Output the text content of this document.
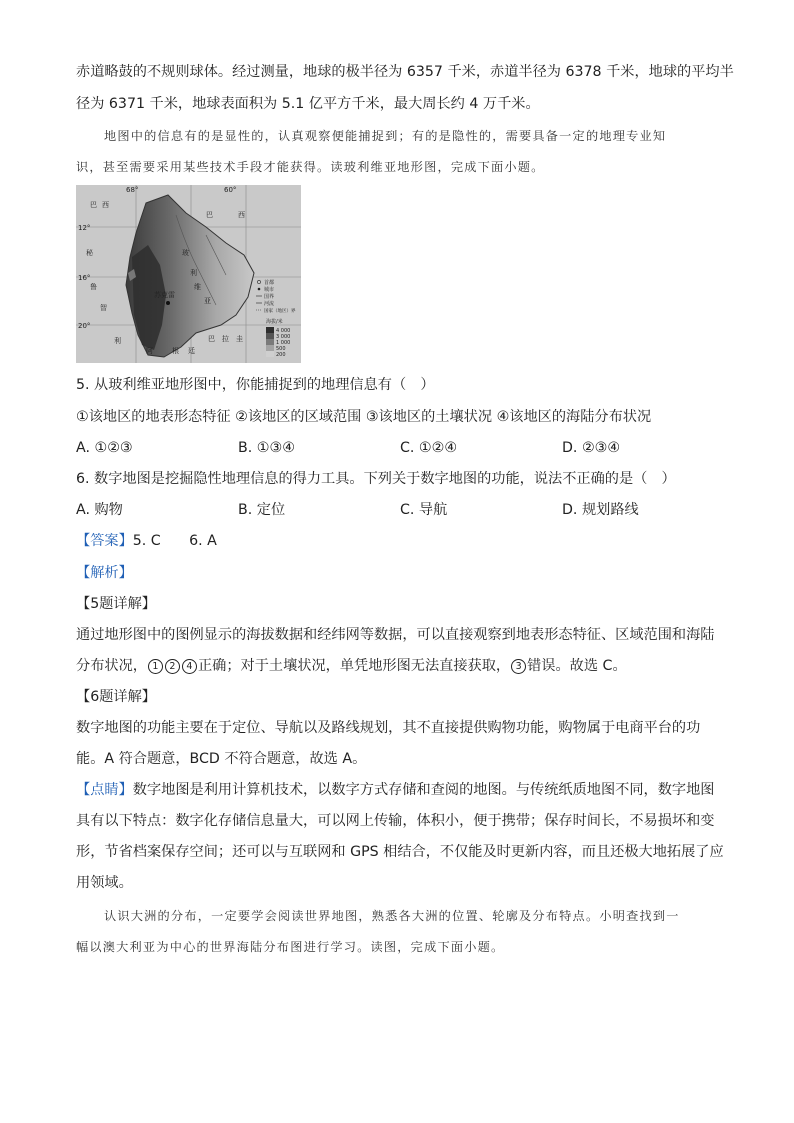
赤道略鼓的不规则球体。经过测量，地球的极半径为 6357 千米，赤道半径为 6378 千米，地球的平均半
径为 6371 千米，地球表面积为 5.1 亿平方千米，最大周长约 4 万千米。
地图中的信息有的是显性的，认真观察便能捕捉到；有的是隐性的，需要具备一定的地理专业知
识，甚至需要采用某些技术手段才能获得。读玻利维亚地形图，完成下面小题。
68°	60°
12°
16°
20°
巴 西
巴	西
秘
鲁
玻
利
维
亚
智
利
阿	根 廷
巴 拉 圭
苏克雷
首都
城市
国界
河流
国家（地区）界
海拔/米
4 000
3 000
1 000
500
200
5. 从玻利维亚地形图中，你能捕捉到的地理信息有（　）
①该地区的地表形态特征 ②该地区的区域范围 ③该地区的土壤状况 ④该地区的海陆分布状况
A. ①②③	B. ①③④	C. ①②④	D. ②③④
6. 数字地图是挖掘隐性地理信息的得力工具。下列关于数字地图的功能，说法不正确的是（　）
A. 购物	B. 定位	C. 导航	D. 规划路线
【答案】5. C　　6. A
【解析】
【5题详解】
通过地形图中的图例显示的海拔数据和经纬网等数据，可以直接观察到地表形态特征、区域范围和海陆
分布状况， 1 2 4 正确；对于土壤状况，单凭地形图无法直接获取， 3 错误。故选 C。
【6题详解】
数字地图的功能主要在于定位、导航以及路线规划，其不直接提供购物功能，购物属于电商平台的功
能。A 符合题意，BCD 不符合题意，故选 A。
【点睛】数字地图是利用计算机技术，以数字方式存储和查阅的地图。与传统纸质地图不同，数字地图
具有以下特点：数字化存储信息量大，可以网上传输，体积小，便于携带；保存时间长，不易损坏和变
形，节省档案保存空间；还可以与互联网和 GPS 相结合，不仅能及时更新内容，而且还极大地拓展了应
用领域。
认识大洲的分布，一定要学会阅读世界地图，熟悉各大洲的位置、轮廓及分布特点。小明查找到一
幅以澳大利亚为中心的世界海陆分布图进行学习。读图，完成下面小题。
